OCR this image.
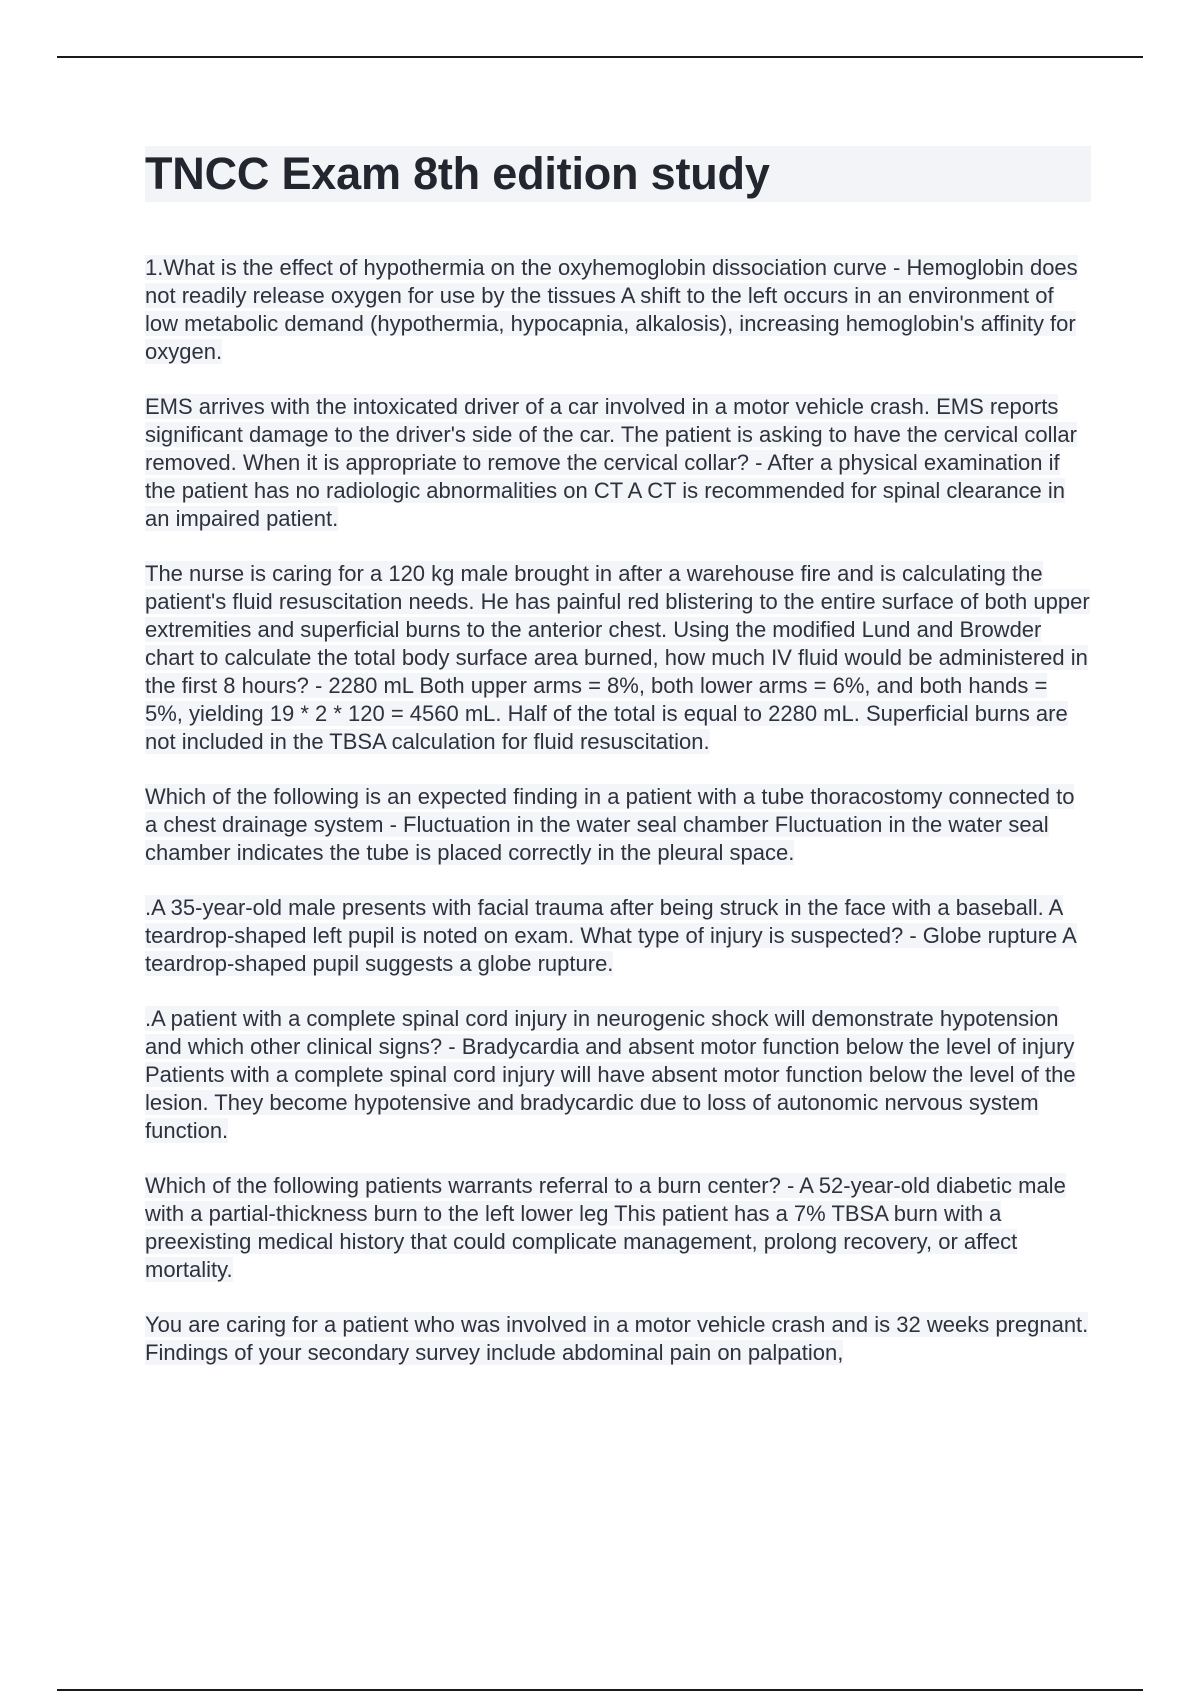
TNCC Exam 8th edition study

1.What is the effect of hypothermia on the oxyhemoglobin dissociation curve - Hemoglobin does not readily release oxygen for use by the tissues A shift to the left occurs in an environment of low metabolic demand (hypothermia, hypocapnia, alkalosis), increasing hemoglobin's affinity for oxygen.

EMS arrives with the intoxicated driver of a car involved in a motor vehicle crash. EMS reports significant damage to the driver's side of the car. The patient is asking to have the cervical collar removed. When it is appropriate to remove the cervical collar? - After a physical examination if the patient has no radiologic abnormalities on CT A CT is recommended for spinal clearance in an impaired patient.

The nurse is caring for a 120 kg male brought in after a warehouse fire and is calculating the patient's fluid resuscitation needs. He has painful red blistering to the entire surface of both upper extremities and superficial burns to the anterior chest. Using the modified Lund and Browder chart to calculate the total body surface area burned, how much IV fluid would be administered in the first 8 hours? - 2280 mL Both upper arms = 8%, both lower arms = 6%, and both hands = 5%, yielding 19 * 2 * 120 = 4560 mL. Half of the total is equal to 2280 mL. Superficial burns are not included in the TBSA calculation for fluid resuscitation.

Which of the following is an expected finding in a patient with a tube thoracostomy connected to a chest drainage system - Fluctuation in the water seal chamber Fluctuation in the water seal chamber indicates the tube is placed correctly in the pleural space.

.A 35-year-old male presents with facial trauma after being struck in the face with a baseball. A teardrop-shaped left pupil is noted on exam. What type of injury is suspected? - Globe rupture A teardrop-shaped pupil suggests a globe rupture.

.A patient with a complete spinal cord injury in neurogenic shock will demonstrate hypotension and which other clinical signs? - Bradycardia and absent motor function below the level of injury Patients with a complete spinal cord injury will have absent motor function below the level of the lesion. They become hypotensive and bradycardic due to loss of autonomic nervous system function.

Which of the following patients warrants referral to a burn center? - A 52-year-old diabetic male with a partial-thickness burn to the left lower leg This patient has a 7% TBSA burn with a preexisting medical history that could complicate management, prolong recovery, or affect mortality.

You are caring for a patient who was involved in a motor vehicle crash and is 32 weeks pregnant. Findings of your secondary survey include abdominal pain on palpation,
